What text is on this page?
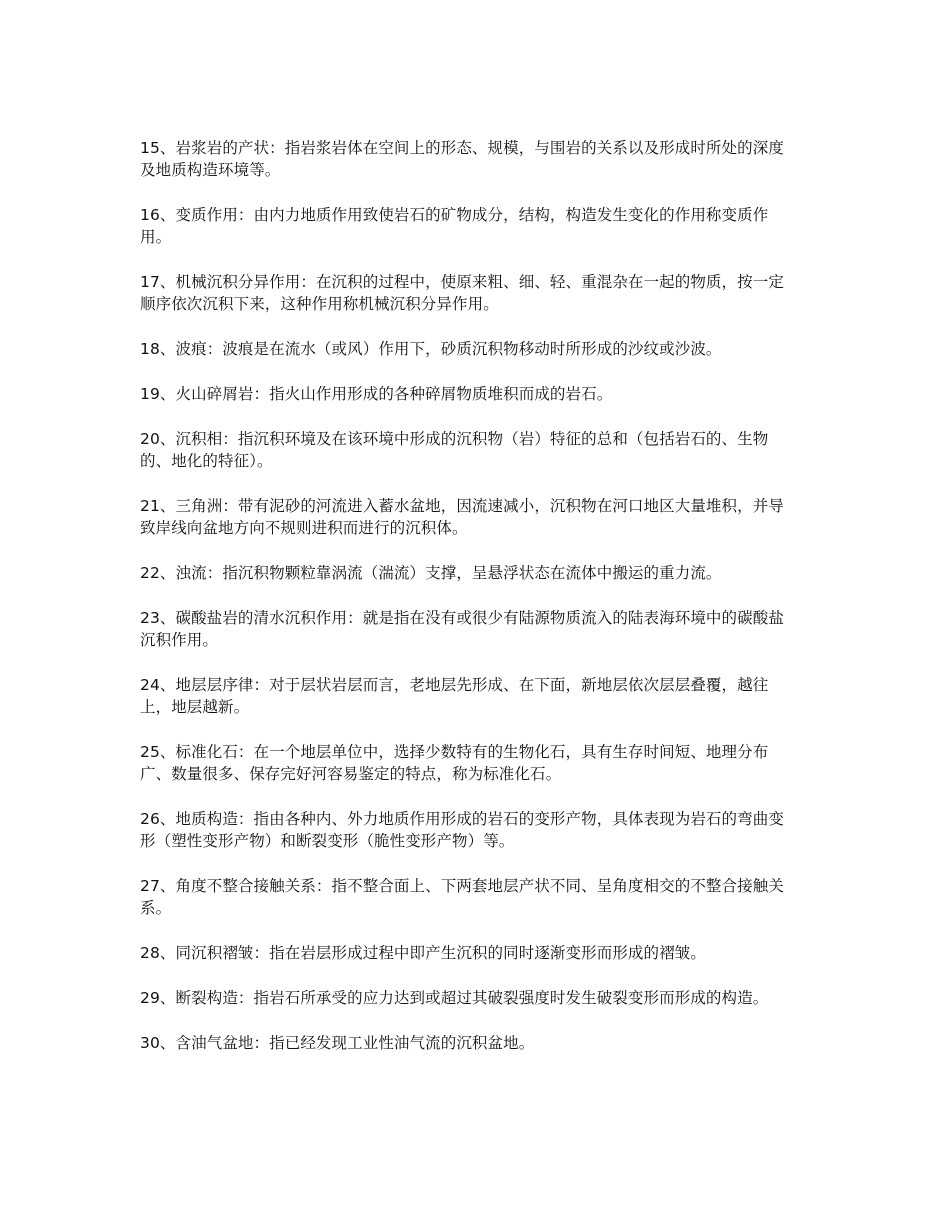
15、岩浆岩的产状：指岩浆岩体在空间上的形态、规模，与围岩的关系以及形成时所处的深度及地质构造环境等。

16、变质作用：由内力地质作用致使岩石的矿物成分，结构，构造发生变化的作用称变质作用。

17、机械沉积分异作用：在沉积的过程中，使原来粗、细、轻、重混杂在一起的物质，按一定顺序依次沉积下来，这种作用称机械沉积分异作用。

18、波痕：波痕是在流水（或风）作用下，砂质沉积物移动时所形成的沙纹或沙波。

19、火山碎屑岩：指火山作用形成的各种碎屑物质堆积而成的岩石。

20、沉积相：指沉积环境及在该环境中形成的沉积物（岩）特征的总和（包括岩石的、生物的、地化的特征）。

21、三角洲：带有泥砂的河流进入蓄水盆地，因流速减小，沉积物在河口地区大量堆积，并导致岸线向盆地方向不规则进积而进行的沉积体。

22、浊流：指沉积物颗粒靠涡流（湍流）支撑，呈悬浮状态在流体中搬运的重力流。

23、碳酸盐岩的清水沉积作用：就是指在没有或很少有陆源物质流入的陆表海环境中的碳酸盐沉积作用。

24、地层层序律：对于层状岩层而言，老地层先形成、在下面，新地层依次层层叠覆，越往上，地层越新。

25、标准化石：在一个地层单位中，选择少数特有的生物化石，具有生存时间短、地理分布广、数量很多、保存完好河容易鉴定的特点，称为标准化石。

26、地质构造：指由各种内、外力地质作用形成的岩石的变形产物，具体表现为岩石的弯曲变形（塑性变形产物）和断裂变形（脆性变形产物）等。

27、角度不整合接触关系：指不整合面上、下两套地层产状不同、呈角度相交的不整合接触关系。

28、同沉积褶皱：指在岩层形成过程中即产生沉积的同时逐渐变形而形成的褶皱。

29、断裂构造：指岩石所承受的应力达到或超过其破裂强度时发生破裂变形而形成的构造。

30、含油气盆地：指已经发现工业性油气流的沉积盆地。
